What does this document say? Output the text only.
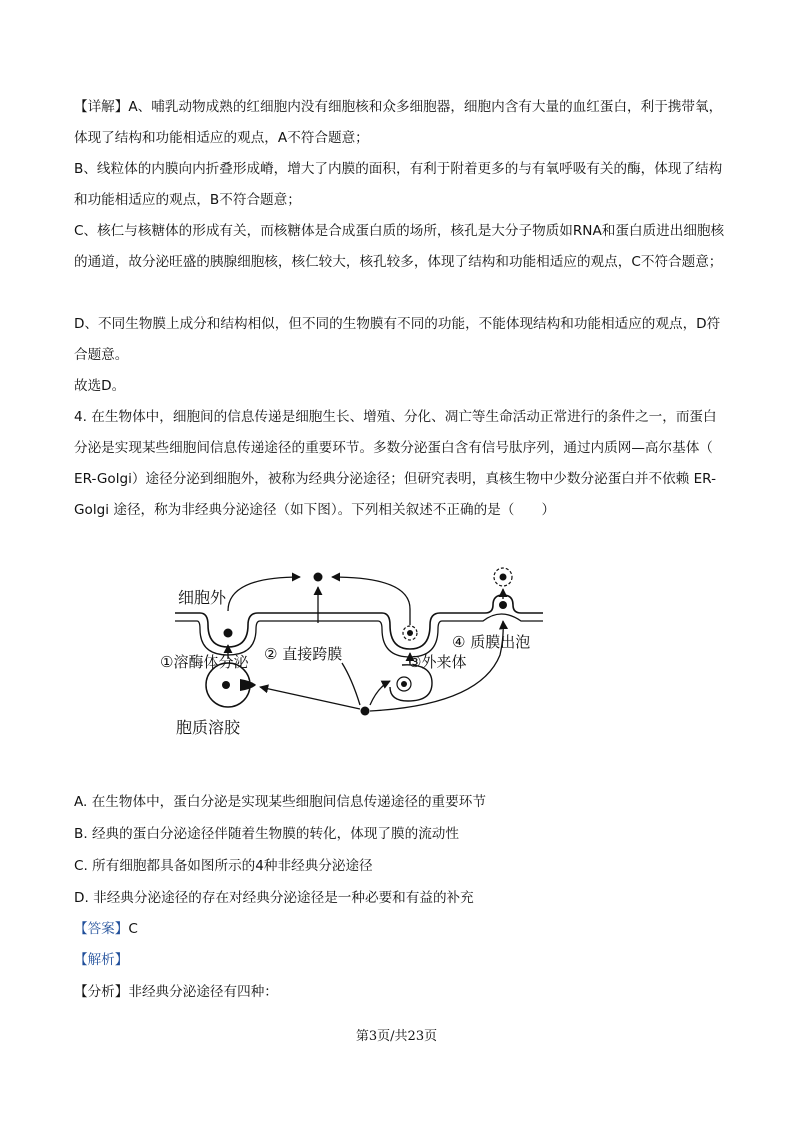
【详解】A、哺乳动物成熟的红细胞内没有细胞核和众多细胞器，细胞内含有大量的血红蛋白，利于携带氧，体现了结构和功能相适应的观点，A不符合题意；

B、线粒体的内膜向内折叠形成嵴，增大了内膜的面积，有利于附着更多的与有氧呼吸有关的酶，体现了结构和功能相适应的观点，B不符合题意；

C、核仁与核糖体的形成有关，而核糖体是合成蛋白质的场所，核孔是大分子物质如RNA和蛋白质进出细胞核的通道，故分泌旺盛的胰腺细胞核，核仁较大，核孔较多，体现了结构和功能相适应的观点，C不符合题意；

D、不同生物膜上成分和结构相似，但不同的生物膜有不同的功能，不能体现结构和功能相适应的观点，D符合题意。

故选D。

4. 在生物体中，细胞间的信息传递是细胞生长、增殖、分化、凋亡等生命活动正常进行的条件之一，而蛋白分泌是实现某些细胞间信息传递途径的重要环节。多数分泌蛋白含有信号肽序列，通过内质网—高尔基体（ ER-Golgi）途径分泌到细胞外，被称为经典分泌途径；但研究表明，真核生物中少数分泌蛋白并不依赖 ER-Golgi 途径，称为非经典分泌途径（如下图）。下列相关叙述不正确的是（　　）

细胞外
①溶酶体分泌 ② 直接跨膜	③外来体
④ 质膜出泡
胞质溶胶
A. 在生物体中，蛋白分泌是实现某些细胞间信息传递途径的重要环节
B. 经典的蛋白分泌途径伴随着生物膜的转化，体现了膜的流动性
C. 所有细胞都具备如图所示的4种非经典分泌途径
D. 非经典分泌途径的存在对经典分泌途径是一种必要和有益的补充
【答案】C
【解析】
【分析】非经典分泌途径有四种：
第3页/共23页
